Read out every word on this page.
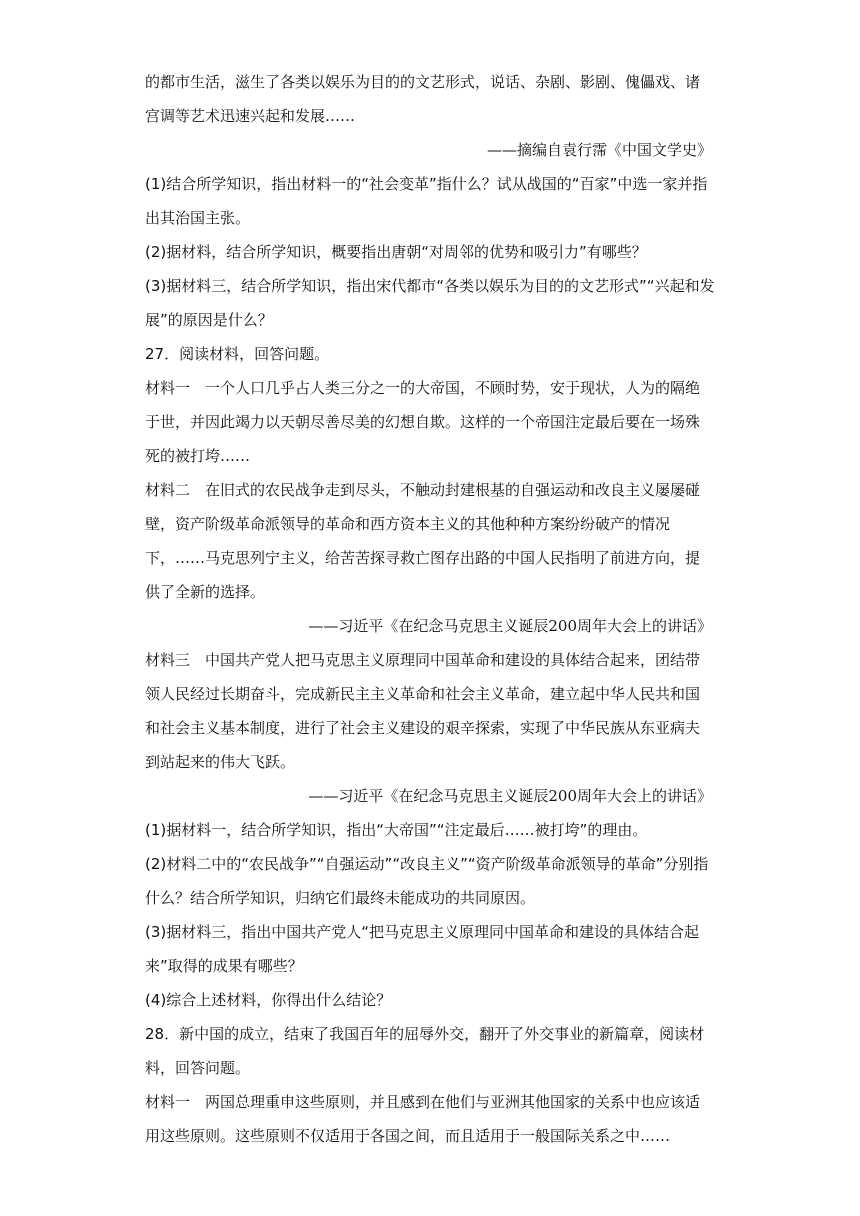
的都市生活，滋生了各类以娱乐为目的的文艺形式，说话、杂剧、影剧、傀儡戏、诸
宫调等艺术迅速兴起和发展……
——摘编自袁行霈《中国文学史》
(1)结合所学知识，指出材料一的“社会变革”指什么？试从战国的“百家”中选一家并指
出其治国主张。
(2)据材料，结合所学知识，概要指出唐朝“对周邻的优势和吸引力”有哪些？
(3)据材料三，结合所学知识，指出宋代都市“各类以娱乐为目的的文艺形式”“兴起和发
展”的原因是什么？
27．阅读材料，回答问题。
材料一　一个人口几乎占人类三分之一的大帝国，不顾时势，安于现状，人为的隔绝
于世，并因此竭力以天朝尽善尽美的幻想自欺。这样的一个帝国注定最后要在一场殊
死的被打垮……
材料二　在旧式的农民战争走到尽头，不触动封建根基的自强运动和改良主义屡屡碰
壁，资产阶级革命派领导的革命和西方资本主义的其他种种方案纷纷破产的情况
下，……马克思列宁主义，给苦苦探寻救亡图存出路的中国人民指明了前进方向，提
供了全新的选择。
——习近平《在纪念马克思主义诞辰200周年大会上的讲话》
材料三　中国共产党人把马克思主义原理同中国革命和建设的具体结合起来，团结带
领人民经过长期奋斗，完成新民主主义革命和社会主义革命，建立起中华人民共和国
和社会主义基本制度，进行了社会主义建设的艰辛探索，实现了中华民族从东亚病夫
到站起来的伟大飞跃。
——习近平《在纪念马克思主义诞辰200周年大会上的讲话》
(1)据材料一，结合所学知识，指出“大帝国”“注定最后……被打垮”的理由。
(2)材料二中的“农民战争”“自强运动”“改良主义”“资产阶级革命派领导的革命”分别指
什么？结合所学知识，归纳它们最终未能成功的共同原因。
(3)据材料三，指出中国共产党人“把马克思主义原理同中国革命和建设的具体结合起
来”取得的成果有哪些？
(4)综合上述材料，你得出什么结论？
28．新中国的成立，结束了我国百年的屈辱外交，翻开了外交事业的新篇章，阅读材
料，回答问题。
材料一　两国总理重申这些原则，并且感到在他们与亚洲其他国家的关系中也应该适
用这些原则。这些原则不仅适用于各国之间，而且适用于一般国际关系之中……
